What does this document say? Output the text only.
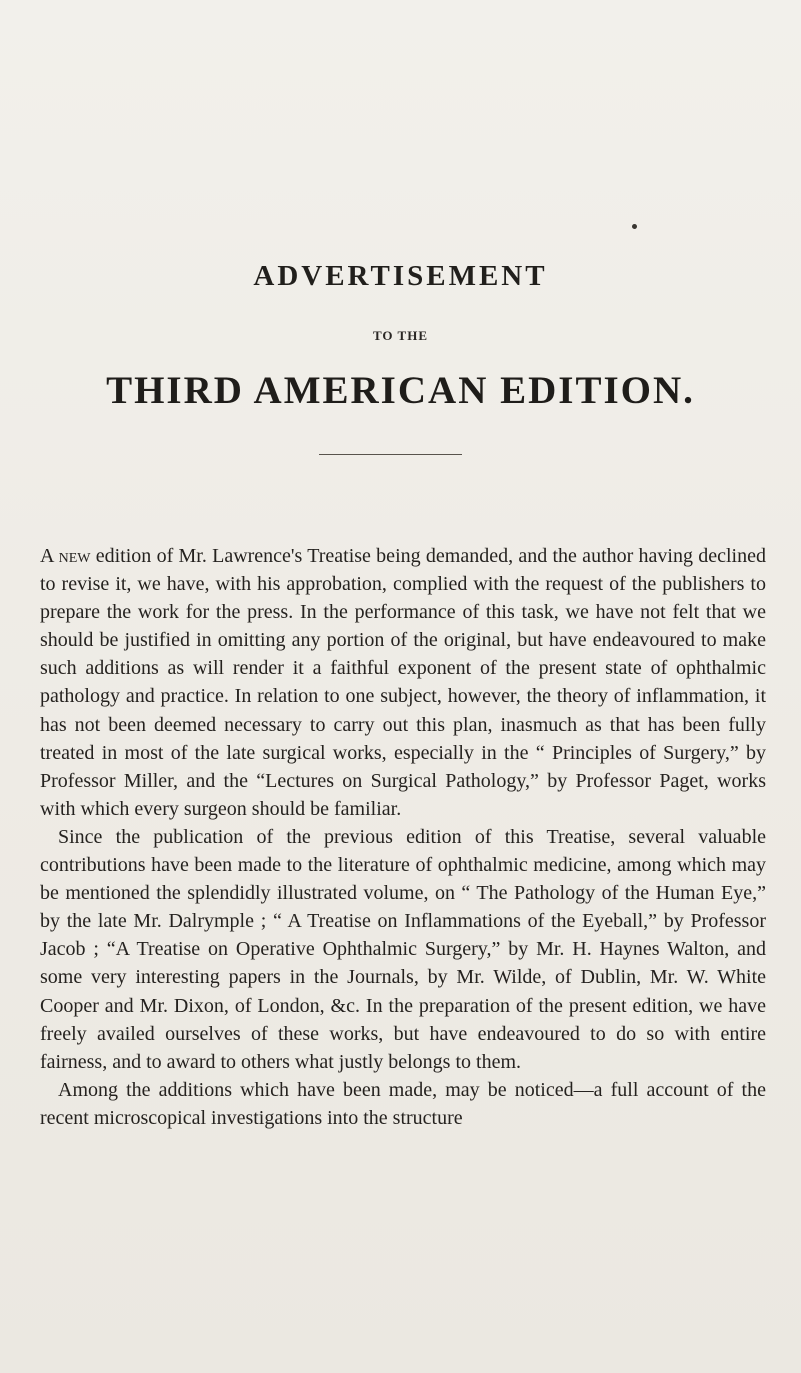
ADVERTISEMENT
TO THE
THIRD AMERICAN EDITION.

A new edition of Mr. Lawrence's Treatise being demanded, and the author having declined to revise it, we have, with his approbation, complied with the request of the publishers to prepare the work for the press. In the performance of this task, we have not felt that we should be justified in omitting any portion of the original, but have endeavoured to make such additions as will render it a faithful exponent of the present state of ophthalmic pathology and practice. In relation to one subject, however, the theory of inflammation, it has not been deemed necessary to carry out this plan, inasmuch as that has been fully treated in most of the late surgical works, especially in the “ Principles of Surgery,” by Professor Miller, and the “Lectures on Surgical Pathology,” by Professor Paget, works with which every surgeon should be familiar.

Since the publication of the previous edition of this Treatise, several valuable contributions have been made to the literature of ophthalmic medicine, among which may be mentioned the splendidly illustrated volume, on “ The Pathology of the Human Eye,” by the late Mr. Dalrymple ; “ A Treatise on Inflammations of the Eyeball,” by Professor Jacob ; “A Treatise on Operative Ophthalmic Surgery,” by Mr. H. Haynes Walton, and some very interesting papers in the Journals, by Mr. Wilde, of Dublin, Mr. W. White Cooper and Mr. Dixon, of London, &c. In the preparation of the present edition, we have freely availed ourselves of these works, but have endeavoured to do so with entire fairness, and to award to others what justly belongs to them.

Among the additions which have been made, may be noticed—a full account of the recent microscopical investigations into the structure
